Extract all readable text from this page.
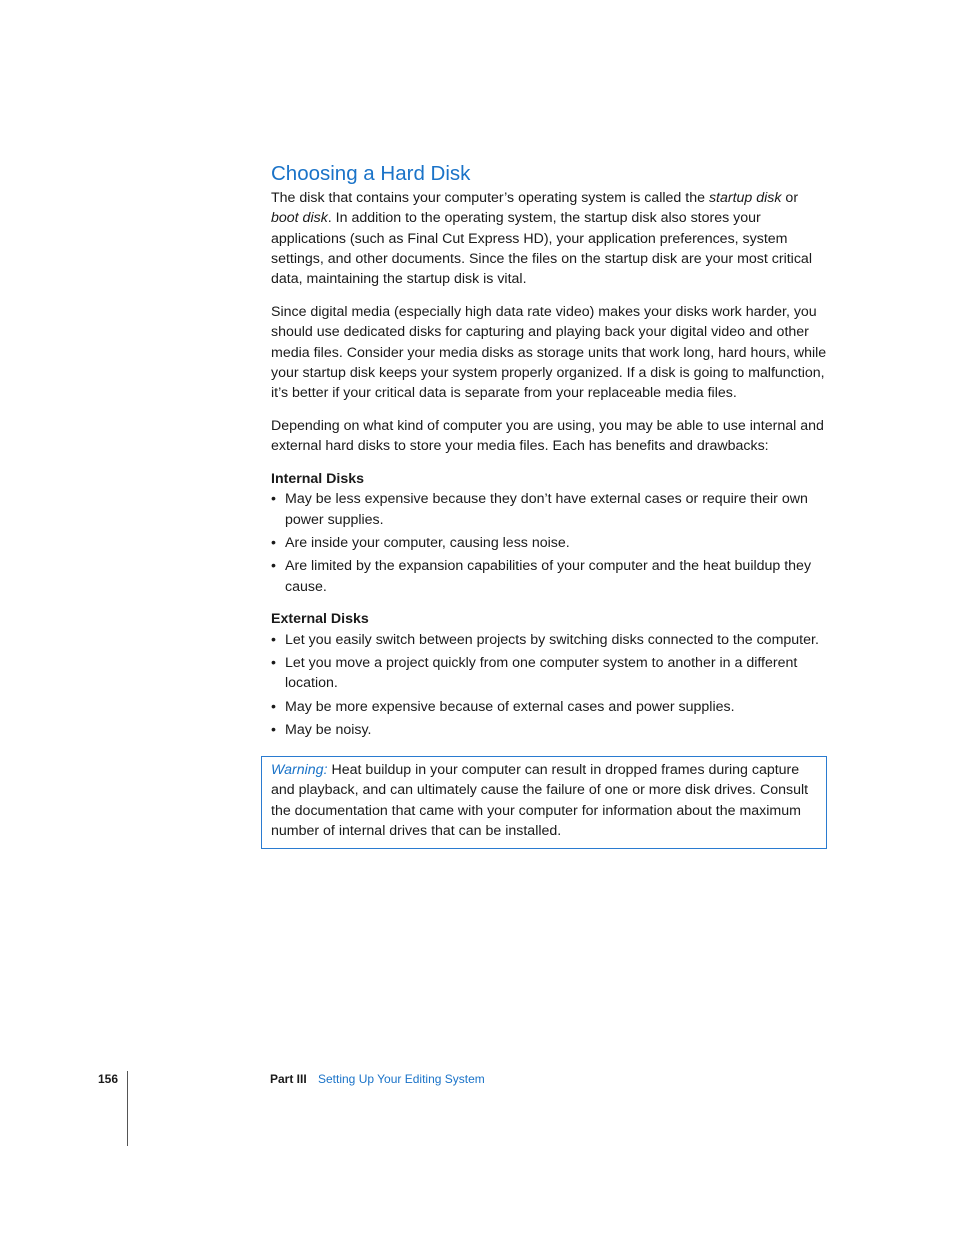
Choosing a Hard Disk

The disk that contains your computer’s operating system is called the startup disk or boot disk. In addition to the operating system, the startup disk also stores your applications (such as Final Cut Express HD), your application preferences, system settings, and other documents. Since the files on the startup disk are your most critical data, maintaining the startup disk is vital.

Since digital media (especially high data rate video) makes your disks work harder, you should use dedicated disks for capturing and playing back your digital video and other media files. Consider your media disks as storage units that work long, hard hours, while your startup disk keeps your system properly organized. If a disk is going to malfunction, it’s better if your critical data is separate from your replaceable media files.

Depending on what kind of computer you are using, you may be able to use internal and external hard disks to store your media files. Each has benefits and drawbacks:

Internal Disks
• May be less expensive because they don’t have external cases or require their own power supplies.
• Are inside your computer, causing less noise.
• Are limited by the expansion capabilities of your computer and the heat buildup they cause.
External Disks
• Let you easily switch between projects by switching disks connected to the computer.
• Let you move a project quickly from one computer system to another in a different location.
• May be more expensive because of external cases and power supplies.
• May be noisy.
Warning: Heat buildup in your computer can result in dropped frames during capture and playback, and can ultimately cause the failure of one or more disk drives. Consult the documentation that came with your computer for information about the maximum number of internal drives that can be installed.
156	Part III Setting Up Your Editing System
